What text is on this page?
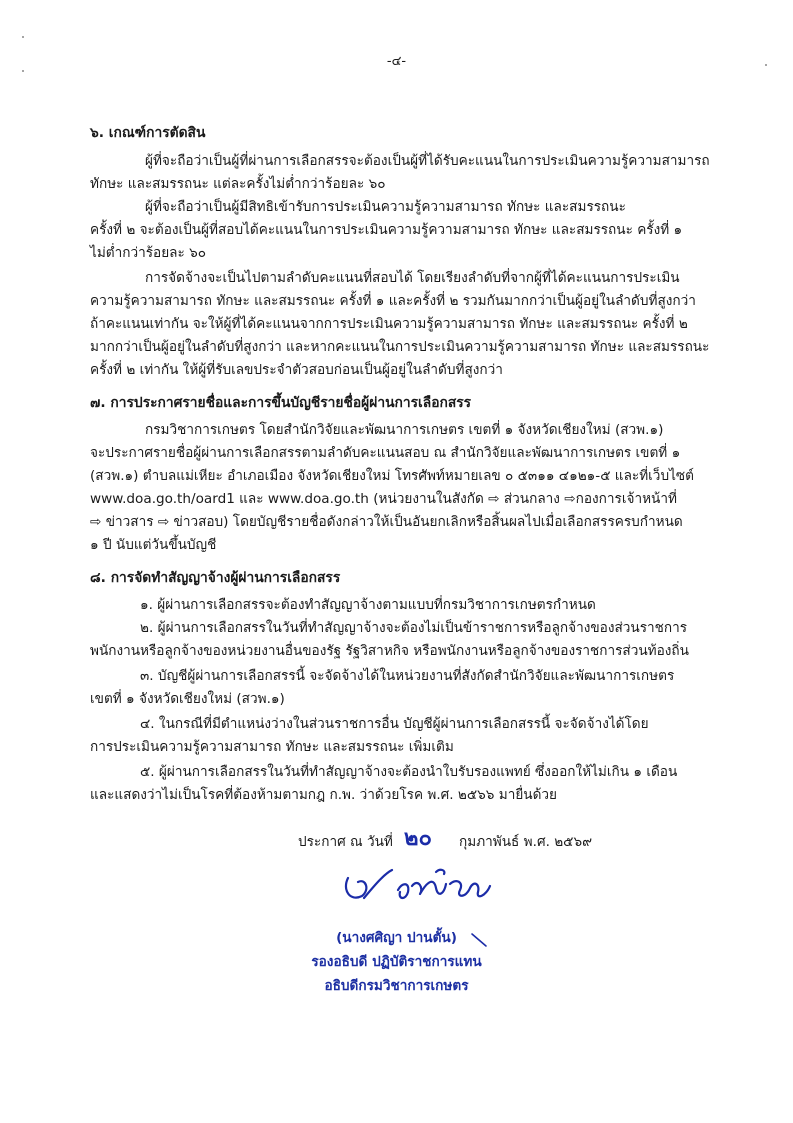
-๔-
๖. เกณฑ์การตัดสิน
ผู้ที่จะถือว่าเป็นผู้ที่ผ่านการเลือกสรรจะต้องเป็นผู้ที่ได้รับคะแนนในการประเมินความรู้ความสามารถ
ทักษะ และสมรรถนะ แต่ละครั้งไม่ต่ำกว่าร้อยละ ๖๐
ผู้ที่จะถือว่าเป็นผู้มีสิทธิเข้ารับการประเมินความรู้ความสามารถ ทักษะ และสมรรถนะ
ครั้งที่ ๒ จะต้องเป็นผู้ที่สอบได้คะแนนในการประเมินความรู้ความสามารถ ทักษะ และสมรรถนะ ครั้งที่ ๑
ไม่ต่ำกว่าร้อยละ ๖๐
การจัดจ้างจะเป็นไปตามลำดับคะแนนที่สอบได้ โดยเรียงลำดับที่จากผู้ที่ได้คะแนนการประเมิน
ความรู้ความสามารถ ทักษะ และสมรรถนะ ครั้งที่ ๑ และครั้งที่ ๒ รวมกันมากกว่าเป็นผู้อยู่ในลำดับที่สูงกว่า
ถ้าคะแนนเท่ากัน จะให้ผู้ที่ได้คะแนนจากการประเมินความรู้ความสามารถ ทักษะ และสมรรถนะ ครั้งที่ ๒
มากกว่าเป็นผู้อยู่ในลำดับที่สูงกว่า และหากคะแนนในการประเมินความรู้ความสามารถ ทักษะ และสมรรถนะ
ครั้งที่ ๒ เท่ากัน ให้ผู้ที่รับเลขประจำตัวสอบก่อนเป็นผู้อยู่ในลำดับที่สูงกว่า
๗. การประกาศรายชื่อและการขึ้นบัญชีรายชื่อผู้ผ่านการเลือกสรร
กรมวิชาการเกษตร โดยสำนักวิจัยและพัฒนาการเกษตร เขตที่ ๑ จังหวัดเชียงใหม่ (สวพ.๑)
จะประกาศรายชื่อผู้ผ่านการเลือกสรรตามลำดับคะแนนสอบ ณ สำนักวิจัยและพัฒนาการเกษตร เขตที่ ๑
(สวพ.๑) ตำบลแม่เหียะ อำเภอเมือง จังหวัดเชียงใหม่ โทรศัพท์หมายเลข ๐ ๕๓๑๑ ๔๑๒๑-๕ และที่เว็บไซต์
www.doa.go.th/oard1 และ www.doa.go.th (หน่วยงานในสังกัด ⇨ ส่วนกลาง ⇨กองการเจ้าหน้าที่
⇨ ข่าวสาร ⇨ ข่าวสอบ) โดยบัญชีรายชื่อดังกล่าวให้เป็นอันยกเลิกหรือสิ้นผลไปเมื่อเลือกสรรครบกำหนด
๑ ปี นับแต่วันขึ้นบัญชี
๘. การจัดทำสัญญาจ้างผู้ผ่านการเลือกสรร
๑. ผู้ผ่านการเลือกสรรจะต้องทำสัญญาจ้างตามแบบที่กรมวิชาการเกษตรกำหนด
๒. ผู้ผ่านการเลือกสรรในวันที่ทำสัญญาจ้างจะต้องไม่เป็นข้าราชการหรือลูกจ้างของส่วนราชการ
พนักงานหรือลูกจ้างของหน่วยงานอื่นของรัฐ รัฐวิสาหกิจ หรือพนักงานหรือลูกจ้างของราชการส่วนท้องถิ่น
๓. บัญชีผู้ผ่านการเลือกสรรนี้ จะจัดจ้างได้ในหน่วยงานที่สังกัดสำนักวิจัยและพัฒนาการเกษตร
เขตที่ ๑ จังหวัดเชียงใหม่ (สวพ.๑)
๔. ในกรณีที่มีตำแหน่งว่างในส่วนราชการอื่น บัญชีผู้ผ่านการเลือกสรรนี้ จะจัดจ้างได้โดย
การประเมินความรู้ความสามารถ ทักษะ และสมรรถนะ เพิ่มเติม
๕. ผู้ผ่านการเลือกสรรในวันที่ทำสัญญาจ้างจะต้องนำใบรับรองแพทย์ ซึ่งออกให้ไม่เกิน ๑ เดือน
และแสดงว่าไม่เป็นโรคที่ต้องห้ามตามกฎ ก.พ. ว่าด้วยโรค พ.ศ. ๒๕๖๖ มายื่นด้วย
ประกาศ ณ วันที่ ๒๐ กุมภาพันธ์ พ.ศ. ๒๕๖๙
(นางศศิญา ปานตั้น)
รองอธิบดี ปฏิบัติราชการแทน
อธิบดีกรมวิชาการเกษตร
